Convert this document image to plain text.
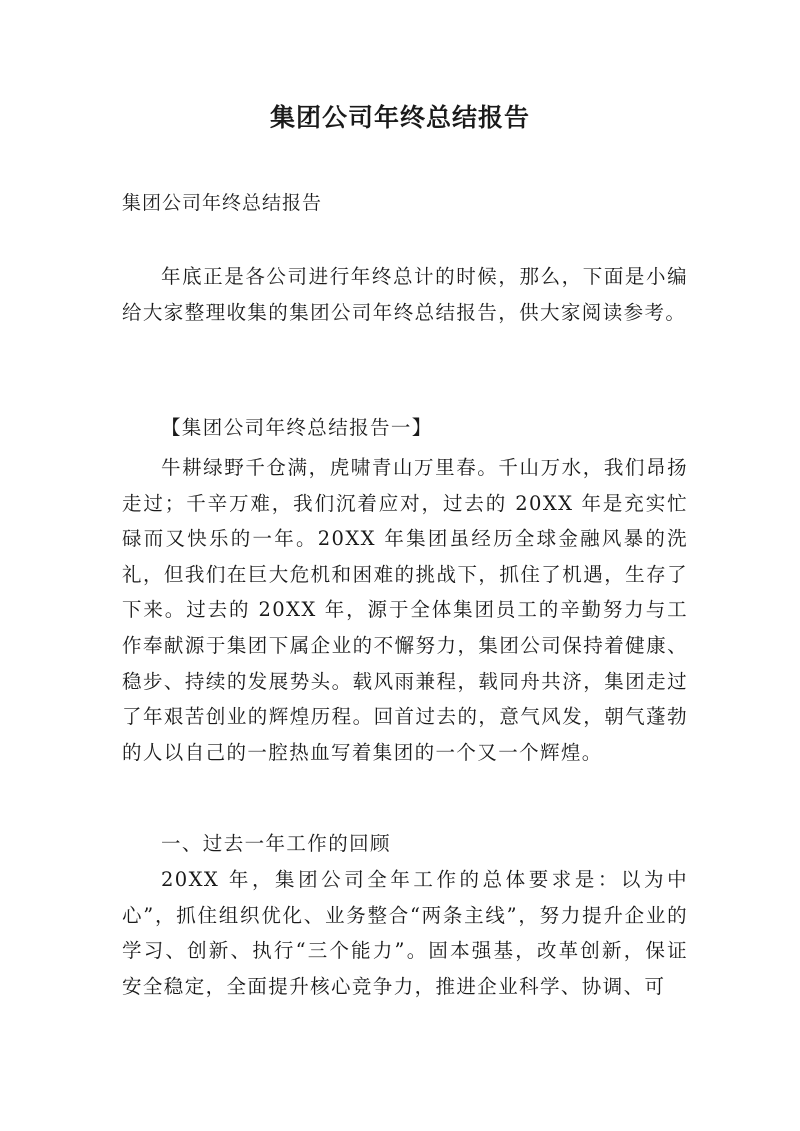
集团公司年终总结报告
集团公司年终总结报告

年底正是各公司进行年终总计的时候，那么，下面是小编给大家整理收集的集团公司年终总结报告，供大家阅读参考。

【集团公司年终总结报告一】

牛耕绿野千仓满，虎啸青山万里春。千山万水，我们昂扬走过；千辛万难，我们沉着应对，过去的 20XX 年是充实忙碌而又快乐的一年。20XX 年集团虽经历全球金融风暴的洗礼，但我们在巨大危机和困难的挑战下，抓住了机遇，生存了下来。过去的 20XX 年，源于全体集团员工的辛勤努力与工作奉献源于集团下属企业的不懈努力，集团公司保持着健康、稳步、持续的发展势头。载风雨兼程，载同舟共济，集团走过了年艰苦创业的辉煌历程。回首过去的，意气风发，朝气蓬勃的人以自己的一腔热血写着集团的一个又一个辉煌。

一、过去一年工作的回顾

20XX 年，集团公司全年工作的总体要求是：以为中心”，抓住组织优化、业务整合“两条主线”，努力提升企业的学习、创新、执行“三个能力”。固本强基，改革创新，保证安全稳定，全面提升核心竞争力，推进企业科学、协调、可
